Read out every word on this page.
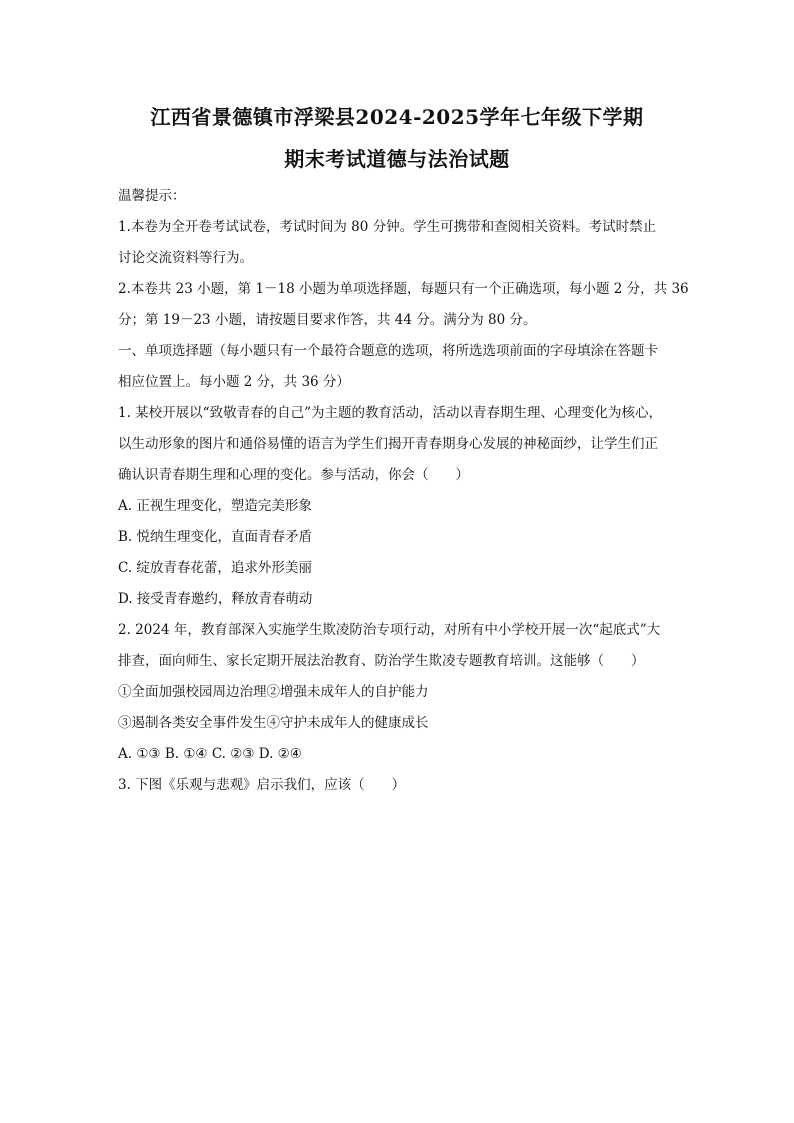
江西省景德镇市浮梁县2024-2025学年七年级下学期
期末考试道德与法治试题
温馨提示：
1.本卷为全开卷考试试卷，考试时间为 80 分钟。学生可携带和查阅相关资料。考试时禁止
讨论交流资料等行为。
2.本卷共 23 小题，第 1－18 小题为单项选择题，每题只有一个正确选项，每小题 2 分，共 36
分；第 19－23 小题，请按题目要求作答，共 44 分。满分为 80 分。
一、单项选择题（每小题只有一个最符合题意的选项，将所选选项前面的字母填涂在答题卡
相应位置上。每小题 2 分，共 36 分）
1. 某校开展以“致敬青春的自己”为主题的教育活动，活动以青春期生理、心理变化为核心，
以生动形象的图片和通俗易懂的语言为学生们揭开青春期身心发展的神秘面纱，让学生们正
确认识青春期生理和心理的变化。参与活动，你会（　　）
A. 正视生理变化，塑造完美形象
B. 悦纳生理变化，直面青春矛盾
C. 绽放青春花蕾，追求外形美丽
D. 接受青春邀约，释放青春萌动
2. 2024 年，教育部深入实施学生欺凌防治专项行动，对所有中小学校开展一次“起底式”大
排查，面向师生、家长定期开展法治教育、防治学生欺凌专题教育培训。这能够（　　）
①全面加强校园周边治理②增强未成年人的自护能力
③遏制各类安全事件发生④守护未成年人的健康成长
A. ①③ B. ①④ C. ②③ D. ②④
3. 下图《乐观与悲观》启示我们，应该（　　）
